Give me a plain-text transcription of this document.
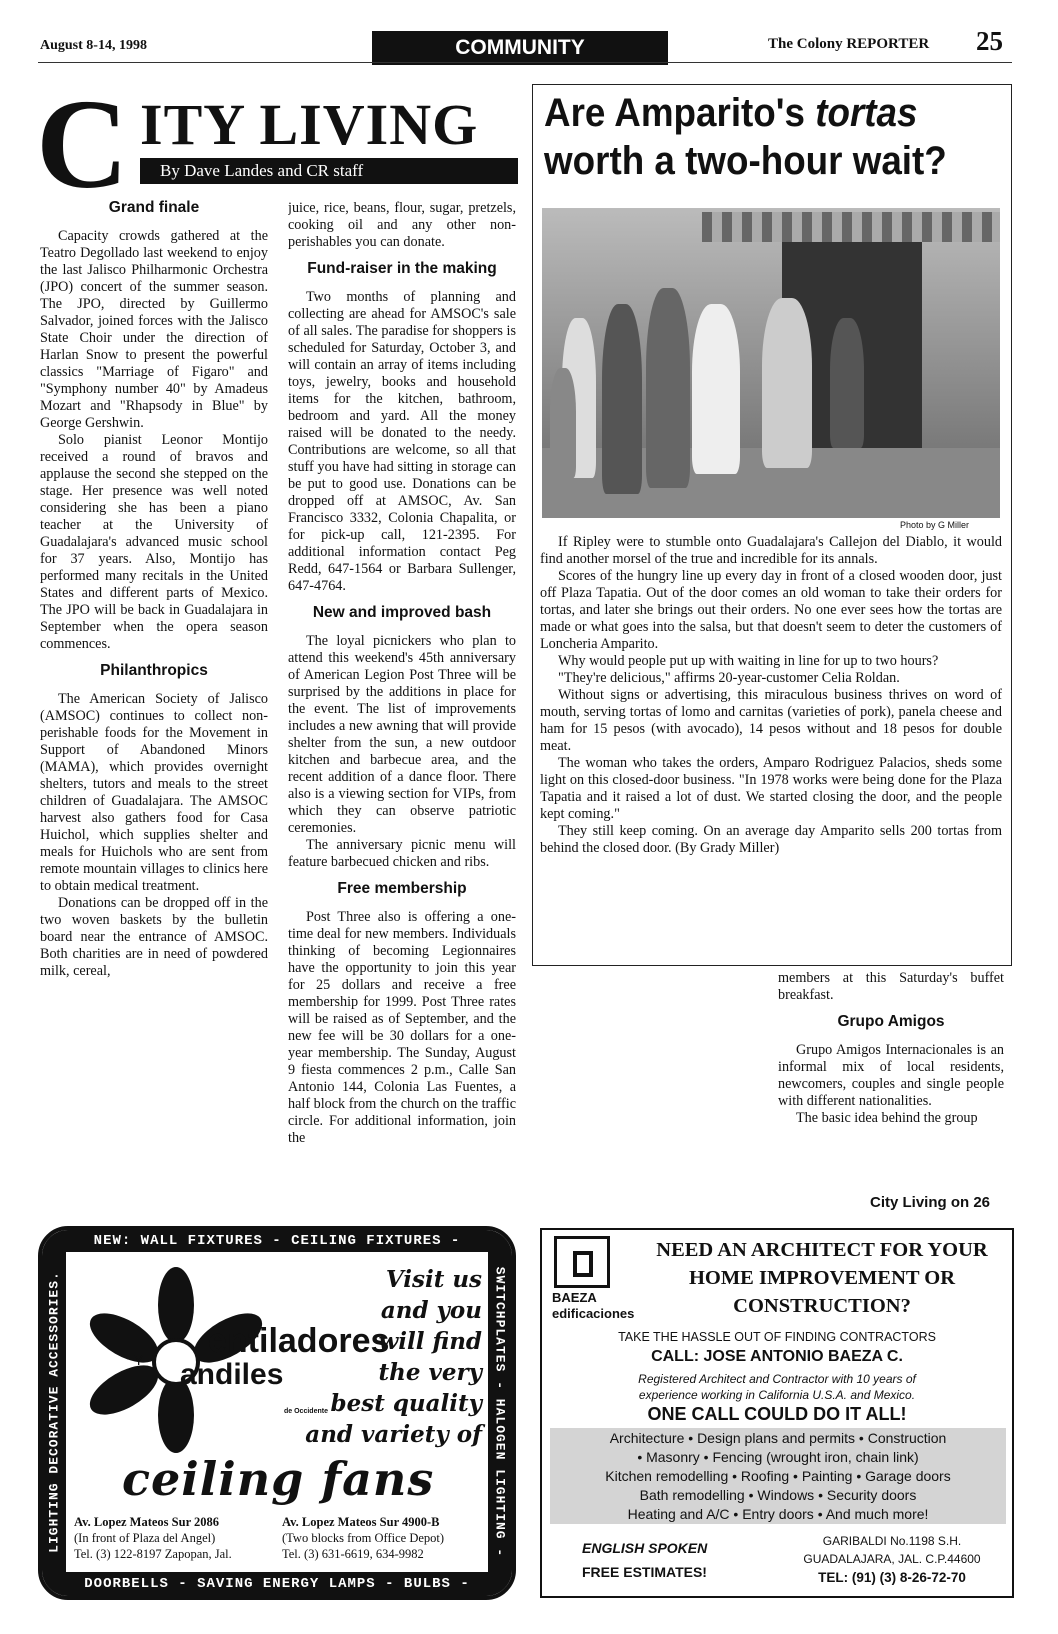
August 8-14, 1998	COMMUNITY	The Colony REPORTER 25
C ITY LIVING
By Dave Landes and CR staff
Grand finale

Capacity crowds gathered at the Teatro Degollado last weekend to enjoy the last Jalisco Philharmonic Orchestra (JPO) concert of the summer season. The JPO, directed by Guillermo Salvador, joined forces with the Jalisco State Choir under the direction of Harlan Snow to present the powerful classics "Marriage of Figaro" and "Symphony number 40" by Amadeus Mozart and "Rhapsody in Blue" by George Gershwin.

Solo pianist Leonor Montijo received a round of bravos and applause the second she stepped on the stage. Her presence was well noted considering she has been a piano teacher at the University of Guadalajara's advanced music school for 37 years. Also, Montijo has performed many recitals in the United States and different parts of Mexico. The JPO will be back in Guadalajara in September when the opera season commences.

Philanthropics

The American Society of Jalisco (AMSOC) continues to collect non-perishable foods for the Movement in Support of Abandoned Minors (MAMA), which provides overnight shelters, tutors and meals to the street children of Guadalajara. The AMSOC harvest also gathers food for Casa Huichol, which supplies shelter and meals for Huichols who are sent from remote mountain villages to clinics here to obtain medical treatment.

Donations can be dropped off in the two woven baskets by the bulletin board near the entrance of AMSOC. Both charities are in need of powdered milk, cereal,

juice, rice, beans, flour, sugar, pretzels, cooking oil and any other non-perishables you can donate.

Fund-raiser in the making

Two months of planning and collecting are ahead for AMSOC's sale of all sales. The paradise for shoppers is scheduled for Saturday, October 3, and will contain an array of items including toys, jewelry, books and household items for the kitchen, bathroom, bedroom and yard. All the money raised will be donated to the needy. Contributions are welcome, so all that stuff you have had sitting in storage can be put to good use. Donations can be dropped off at AMSOC, Av. San Francisco 3332, Colonia Chapalita, or for pick-up call, 121-2395. For additional information contact Peg Redd, 647-1564 or Barbara Sullenger, 647-4764.

New and improved bash

The loyal picnickers who plan to attend this weekend's 45th anniversary of American Legion Post Three will be surprised by the additions in place for the event. The list of improvements includes a new awning that will provide shelter from the sun, a new outdoor kitchen and barbecue area, and the recent addition of a dance floor. There also is a viewing section for VIPs, from which they can observe patriotic ceremonies.

The anniversary picnic menu will feature barbecued chicken and ribs.

Free membership

Post Three also is offering a one-time deal for new members. Individuals thinking of becoming Legionnaires have the opportunity to join this year for 25 dollars and receive a free membership for 1999. Post Three rates will be raised as of September, and the new fee will be 30 dollars for a one-year membership. The Sunday, August 9 fiesta commences 2 p.m., Calle San Antonio 144, Colonia Las Fuentes, a half block from the church on the traffic circle. For additional information, join the

Are Amparito's tortas
worth a two-hour wait?
Photo by G Miller

If Ripley were to stumble onto Guadalajara's Callejon del Diablo, it would find another morsel of the true and incredible for its annals.

Scores of the hungry line up every day in front of a closed wooden door, just off Plaza Tapatia. Out of the door comes an old woman to take their orders for tortas, and later she brings out their orders. No one ever sees how the tortas are made or what goes into the salsa, but that doesn't seem to deter the customers of Loncheria Amparito.

Why would people put up with waiting in line for up to two hours?

"They're delicious," affirms 20-year-customer Celia Roldan.

Without signs or advertising, this miraculous business thrives on word of mouth, serving tortas of lomo and carnitas (varieties of pork), panela cheese and ham for 15 pesos (with avocado), 14 pesos without and 18 pesos for double meat.

The woman who takes the orders, Amparo Rodriguez Palacios, sheds some light on this closed-door business. "In 1978 works were being done for the Plaza Tapatia and it raised a lot of dust. We started closing the door, and the people kept coming."

They still keep coming. On an average day Amparito sells 200 tortas from behind the closed door. (By Grady Miller)

members at this Saturday's buffet breakfast.

Grupo Amigos

Grupo Amigos Internacionales is an informal mix of local residents, newcomers, couples and single people with different nationalities.

The basic idea behind the group

City Living on 26
NEW: WALL FIXTURES - CEILING FIXTURES -
DOORBELLS - SAVING ENERGY LAMPS - BULBS -
LIGHTING DECORATIVE ACCESSORIES.	SWITCHPLATES - HALOGEN LIGHTING -
entiladores
Y andiles
de Occidente
Visit us
and you
will find
the very
best quality
and variety of
ceiling fans
Av. Lopez Mateos Sur 2086
(In front of Plaza del Angel)
Tel. (3) 122-8197 Zapopan, Jal.
Av. Lopez Mateos Sur 4900-B
(Two blocks from Office Depot)
Tel. (3) 631-6619, 634-9982
BAEZA
edificaciones
NEED AN ARCHITECT FOR YOUR
HOME IMPROVEMENT OR
CONSTRUCTION?
TAKE THE HASSLE OUT OF FINDING CONTRACTORS
CALL: JOSE ANTONIO BAEZA C.
Registered Architect and Contractor with 10 years of
experience working in California U.S.A. and Mexico.
ONE CALL COULD DO IT ALL!
Architecture • Design plans and permits • Construction
• Masonry • Fencing (wrought iron, chain link)
Kitchen remodelling • Roofing • Painting • Garage doors
Bath remodelling • Windows • Security doors
Heating and A/C • Entry doors • And much more!
ENGLISH SPOKEN
FREE ESTIMATES!
GARIBALDI No.1198 S.H.
GUADALAJARA, JAL. C.P.44600
TEL: (91) (3) 8-26-72-70
